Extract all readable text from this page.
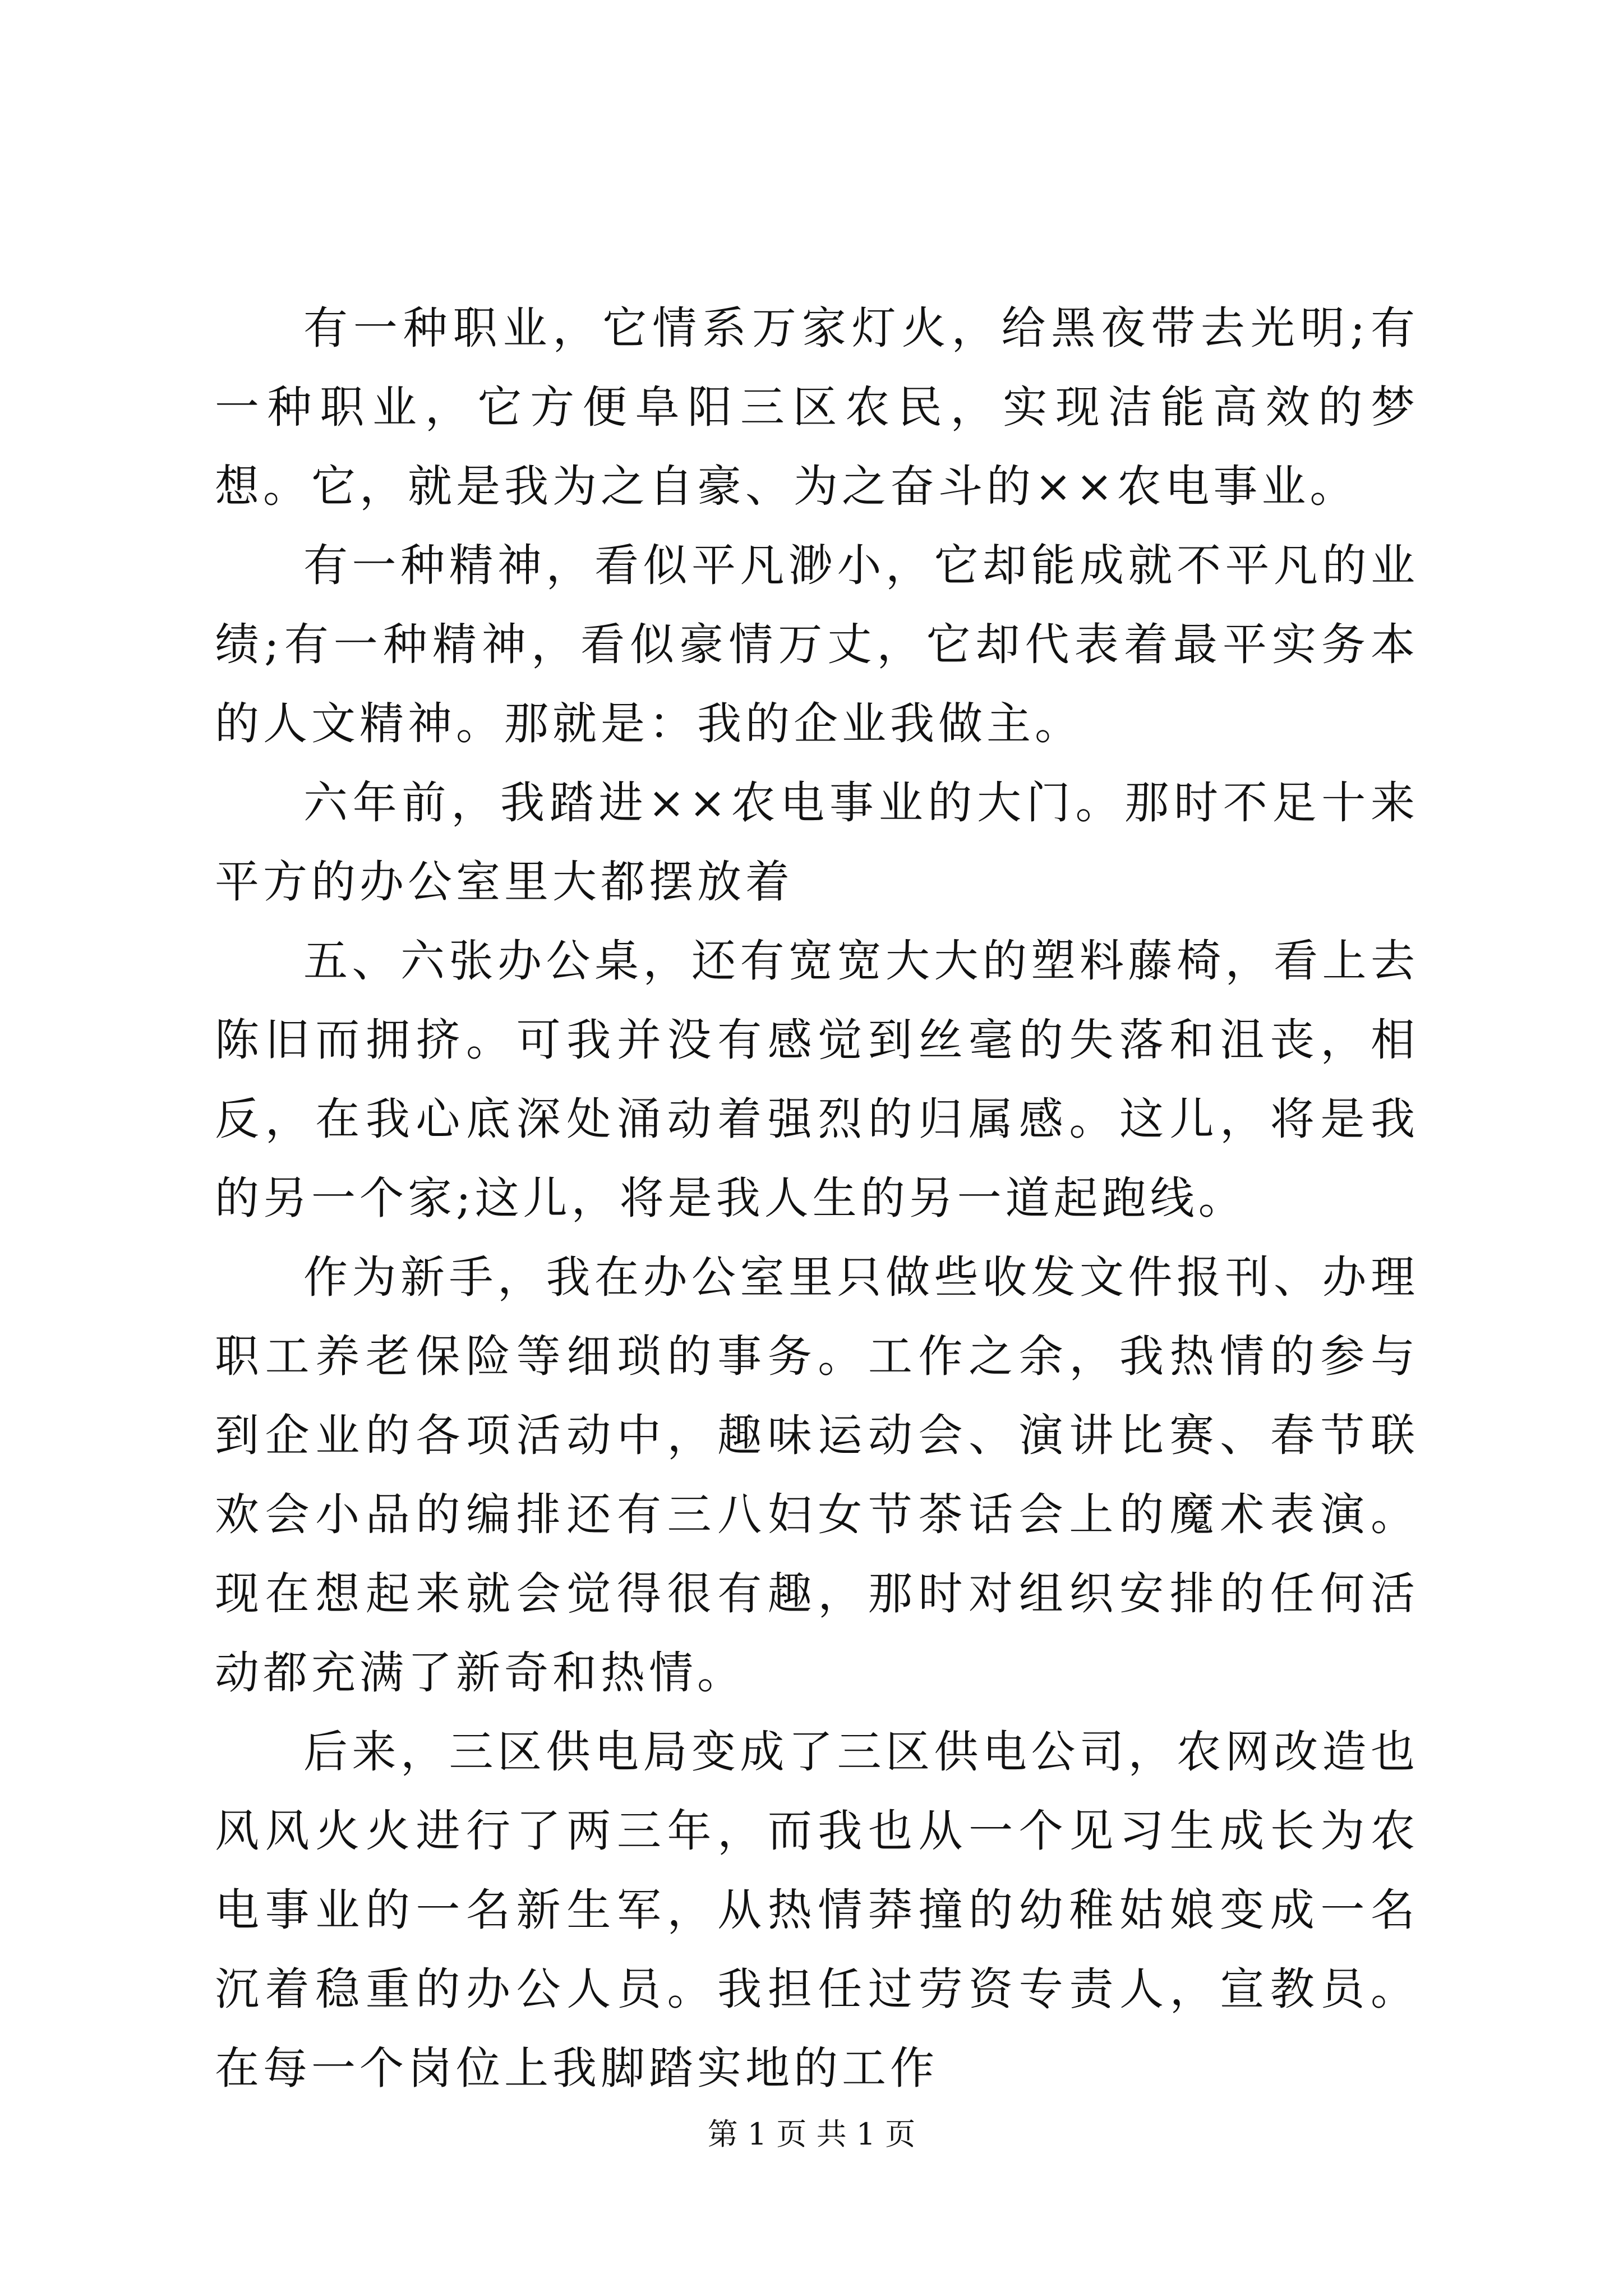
有一种职业，它情系万家灯火，给黑夜带去光明;有一种职业，它方便阜阳三区农民，实现洁能高效的梦想。它，就是我为之自豪、为之奋斗的××农电事业。

有一种精神，看似平凡渺小，它却能成就不平凡的业绩;有一种精神，看似豪情万丈，它却代表着最平实务本的人文精神。那就是：我的企业我做主。

六年前，我踏进××农电事业的大门。那时不足十来平方的办公室里大都摆放着

五、六张办公桌，还有宽宽大大的塑料藤椅，看上去陈旧而拥挤。可我并没有感觉到丝毫的失落和沮丧，相反，在我心底深处涌动着强烈的归属感。这儿，将是我的另一个家;这儿，将是我人生的另一道起跑线。

作为新手，我在办公室里只做些收发文件报刊、办理职工养老保险等细琐的事务。工作之余，我热情的参与到企业的各项活动中，趣味运动会、演讲比赛、春节联欢会小品的编排还有三八妇女节茶话会上的魔术表演。现在想起来就会觉得很有趣，那时对组织安排的任何活动都充满了新奇和热情。

后来，三区供电局变成了三区供电公司，农网改造也风风火火进行了两三年，而我也从一个见习生成长为农电事业的一名新生军，从热情莽撞的幼稚姑娘变成一名沉着稳重的办公人员。我担任过劳资专责人，宣教员。在每一个岗位上我脚踏实地的工作

第 1 页 共 1 页
